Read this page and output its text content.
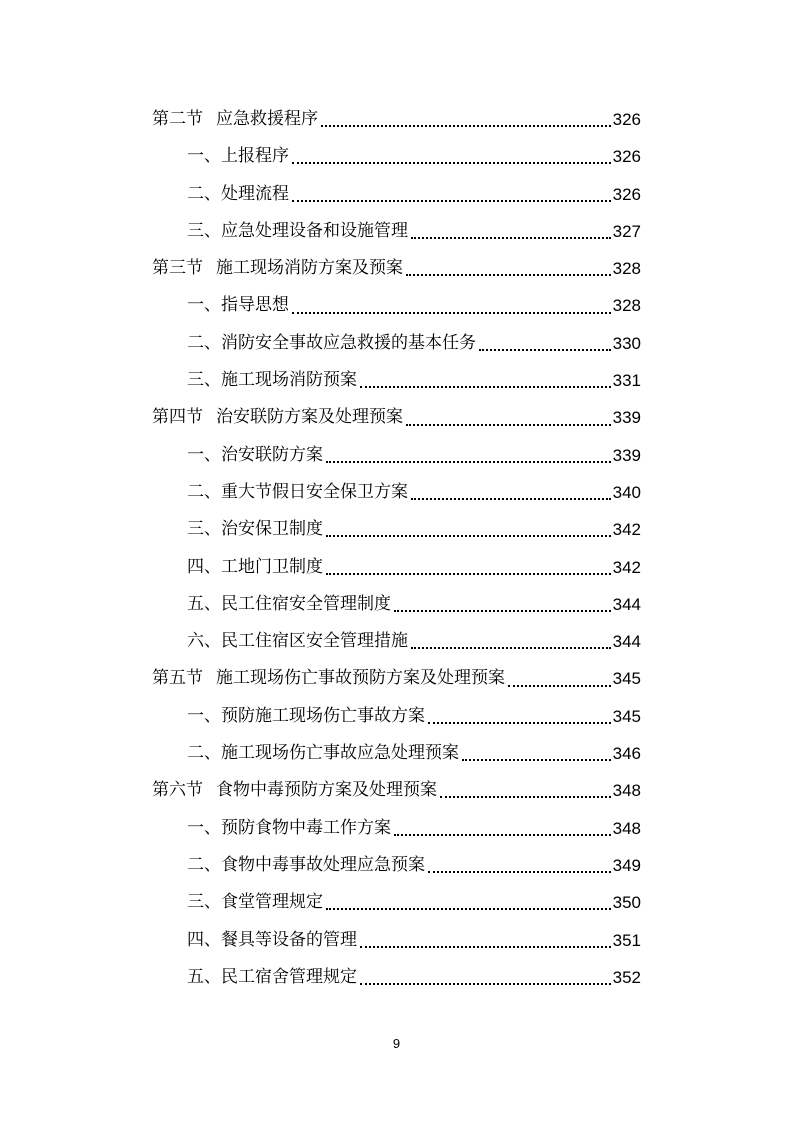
第二节 应急救援程序	326
一、 上报程序	326
二、 处理流程	326
三、 应急处理设备和设施管理	327
第三节 施工现场消防方案及预案	328
一、 指导思想	328
二、 消防安全事故应急救援的基本任务	330
三、 施工现场消防预案	331
第四节 治安联防方案及处理预案	339
一、 治安联防方案	339
二、 重大节假日安全保卫方案	340
三、 治安保卫制度	342
四、 工地门卫制度	342
五、 民工住宿安全管理制度	344
六、 民工住宿区安全管理措施	344
第五节 施工现场伤亡事故预防方案及处理预案	345
一、 预防施工现场伤亡事故方案	345
二、 施工现场伤亡事故应急处理预案	346
第六节 食物中毒预防方案及处理预案	348
一、 预防食物中毒工作方案	348
二、 食物中毒事故处理应急预案	349
三、 食堂管理规定	350
四、 餐具等设备的管理	351
五、 民工宿舍管理规定	352
9
